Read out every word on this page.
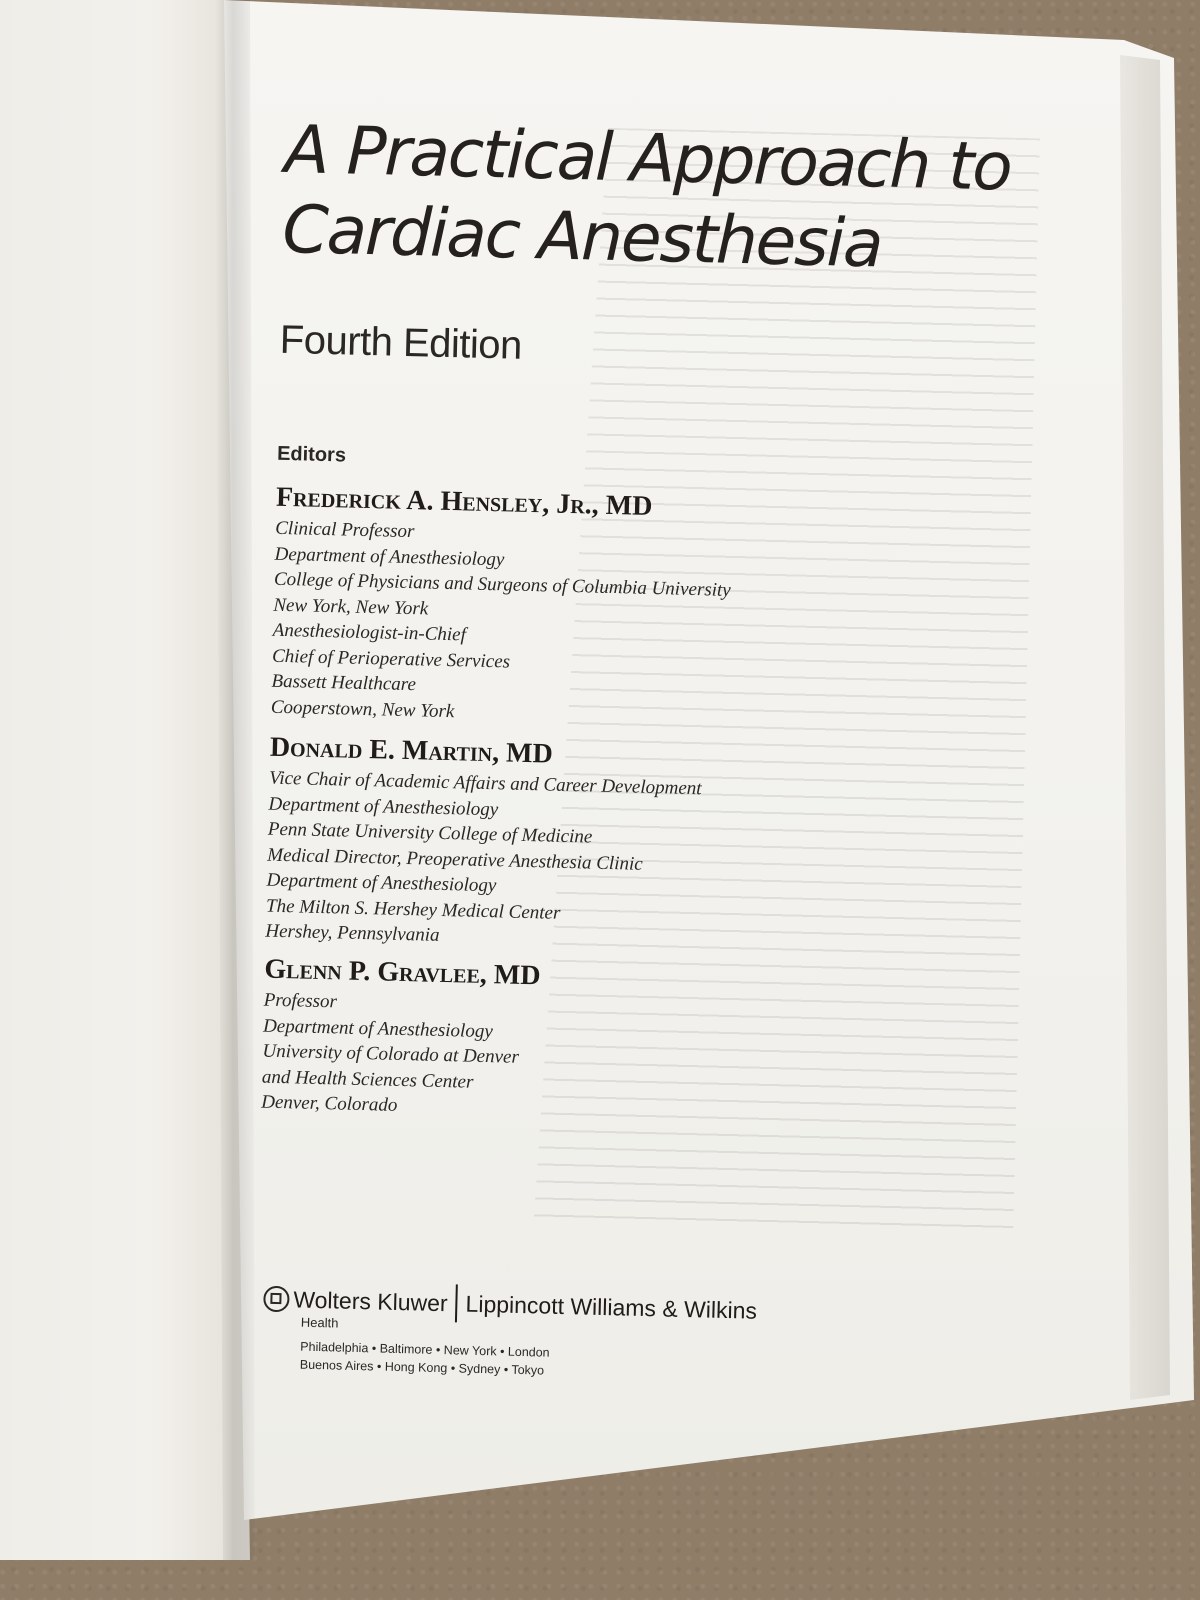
A Practical Approach to
Cardiac Anesthesia
Fourth Edition
Editors
Frederick A. Hensley, Jr., MD
Clinical Professor
Department of Anesthesiology
College of Physicians and Surgeons of Columbia University
New York, New York
Anesthesiologist-in-Chief
Chief of Perioperative Services
Bassett Healthcare
Cooperstown, New York
Donald E. Martin, MD
Vice Chair of Academic Affairs and Career Development
Department of Anesthesiology
Penn State University College of Medicine
Medical Director, Preoperative Anesthesia Clinic
Department of Anesthesiology
The Milton S. Hershey Medical Center
Hershey, Pennsylvania
Glenn P. Gravlee, MD
Professor
Department of Anesthesiology
University of Colorado at Denver
and Health Sciences Center
Denver, Colorado
Wolters Kluwer Lippincott Williams & Wilkins
Health
Philadelphia • Baltimore • New York • London
Buenos Aires • Hong Kong • Sydney • Tokyo
